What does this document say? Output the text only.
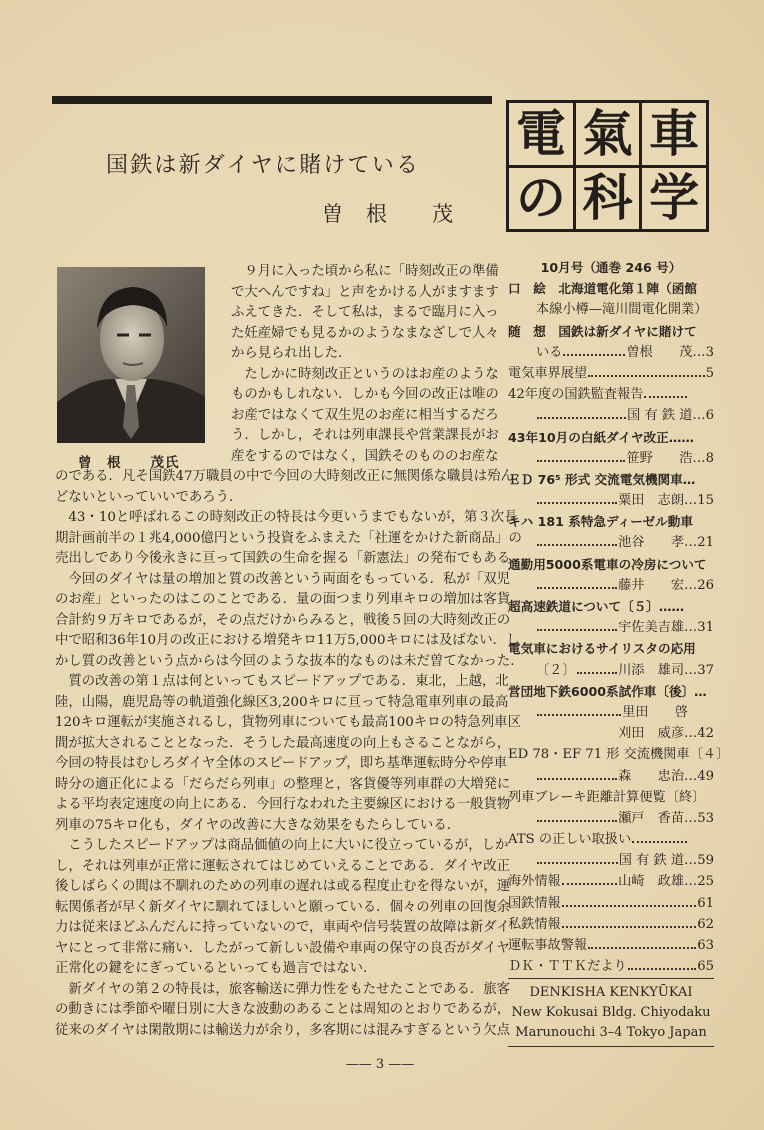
国鉄は新ダイヤに賭けている
曽　根　　茂
電 氣 車
の 科 学
曾　根　　茂氏
　９月に入った頃から私に「時刻改正の準備
で大へんですね」と声をかける人がますます
ふえてきた．そして私は，まるで臨月に入っ
た妊産婦でも見るかのようなまなざしで人々
から見られ出した．
　たしかに時刻改正というのはお産のような
ものかもしれない．しかも今回の改正は唯の
お産ではなくて双生児のお産に相当するだろ
う．しかし，それは列車課長や営業課長がお
産をするのではなく，国鉄そのもののお産な
のである．凡そ国鉄47万職員の中で今回の大時刻改正に無関係な職員は殆ん
どないといっていいであろう．
　43・10と呼ばれるこの時刻改正の特長は今更いうまでもないが，第３次長
期計画前半の１兆4,000億円という投資をふまえた「社運をかけた新商品」の
売出しであり今後永きに亘って国鉄の生命を握る「新憲法」の発布でもある．
　今回のダイヤは量の増加と質の改善という両面をもっている．私が「双児
のお産」といったのはこのことである．量の面つまり列車キロの増加は客貨
合計約９万キロであるが，その点だけからみると，戦後５回の大時刻改正の
中で昭和36年10月の改正における増発キロ11万5,000キロには及ばない．し
かし質の改善という点からは今回のような抜本的なものは未だ曽てなかった．
　質の改善の第１点は何といってもスピードアップである．東北，上越，北
陸，山陽，鹿児島等の軌道強化線区3,200キロに亘って特急電車列車の最高
120キロ運転が実施されるし，貨物列車についても最高100キロの特急列車区
間が拡大されることとなった．そうした最高速度の向上もさることながら，
今回の特長はむしろダイヤ全体のスピードアップ，即ち基準運転時分や停車
時分の適正化による「だらだら列車」の整理と，客貨優等列車群の大増発に
よる平均表定速度の向上にある．今回行なわれた主要線区における一般貨物
列車の75キロ化も，ダイヤの改善に大きな効果をもたらしている．
　こうしたスピードアップは商品価値の向上に大いに役立っているが，しか
し，それは列車が正常に運転されてはじめていえることである．ダイヤ改正
後しばらくの間は不馴れのための列車の遅れは或る程度止むを得ないが，運
転関係者が早く新ダイヤに馴れてほしいと願っている．個々の列車の回復余
力は従来ほどふんだんに持っていないので，車両や信号装置の故障は新ダイ
ヤにとって非常に痛い．したがって新しい設備や車両の保守の良否がダイヤ
正常化の鍵をにぎっているといっても過言ではない．
　新ダイヤの第２の特長は，旅客輸送に弾力性をもたせたことである．旅客
の動きには季節や曜日別に大きな波動のあることは周知のとおりであるが，
従来のダイヤは閑散期には輸送力が余り，多客期には混みすぎるという欠点
10月号（通巻 246 号）
口　絵　北海道電化第１陣（函館
本線小樽—滝川間電化開業）
随　想　国鉄は新ダイヤに賭けて
いる	曽根　　茂…3
電気車界展望	5
42年度の国鉄監査報告
国 有 鉄 道…6
43年10月の白紙ダイヤ改正……
笹野　　浩…8
ＥＤ 76⁵ 形式 交流電気機関車…
粟田　志朗…15
キハ 181 系特急ディーゼル動車
池谷　　孝…21
通勤用5000系電車の冷房について
藤井　　宏…26
超高速鉄道について〔５〕……
宇佐美吉雄…31
電気車におけるサイリスタの応用
〔２〕	川添　雄司…37
営団地下鉄6000系試作車〔後〕…
里田　　啓
刈田　威彦…42
ED 78・EF 71 形 交流機関車〔４〕
森　　忠治…49
列車ブレーキ距離計算便覧〔終〕
瀬戸　香苗…53
ATS の正しい取扱い
国 有 鉄 道…59
海外情報	山崎　政雄…25
国鉄情報	61
私鉄情報	62
運転事故警報	63
ＤＫ・ＴＴＫだより	65
DENKISHA KENKYŪKAI
New Kokusai Bldg. Chiyodaku
Marunouchi 3–4 Tokyo Japan
—— 3 ——
